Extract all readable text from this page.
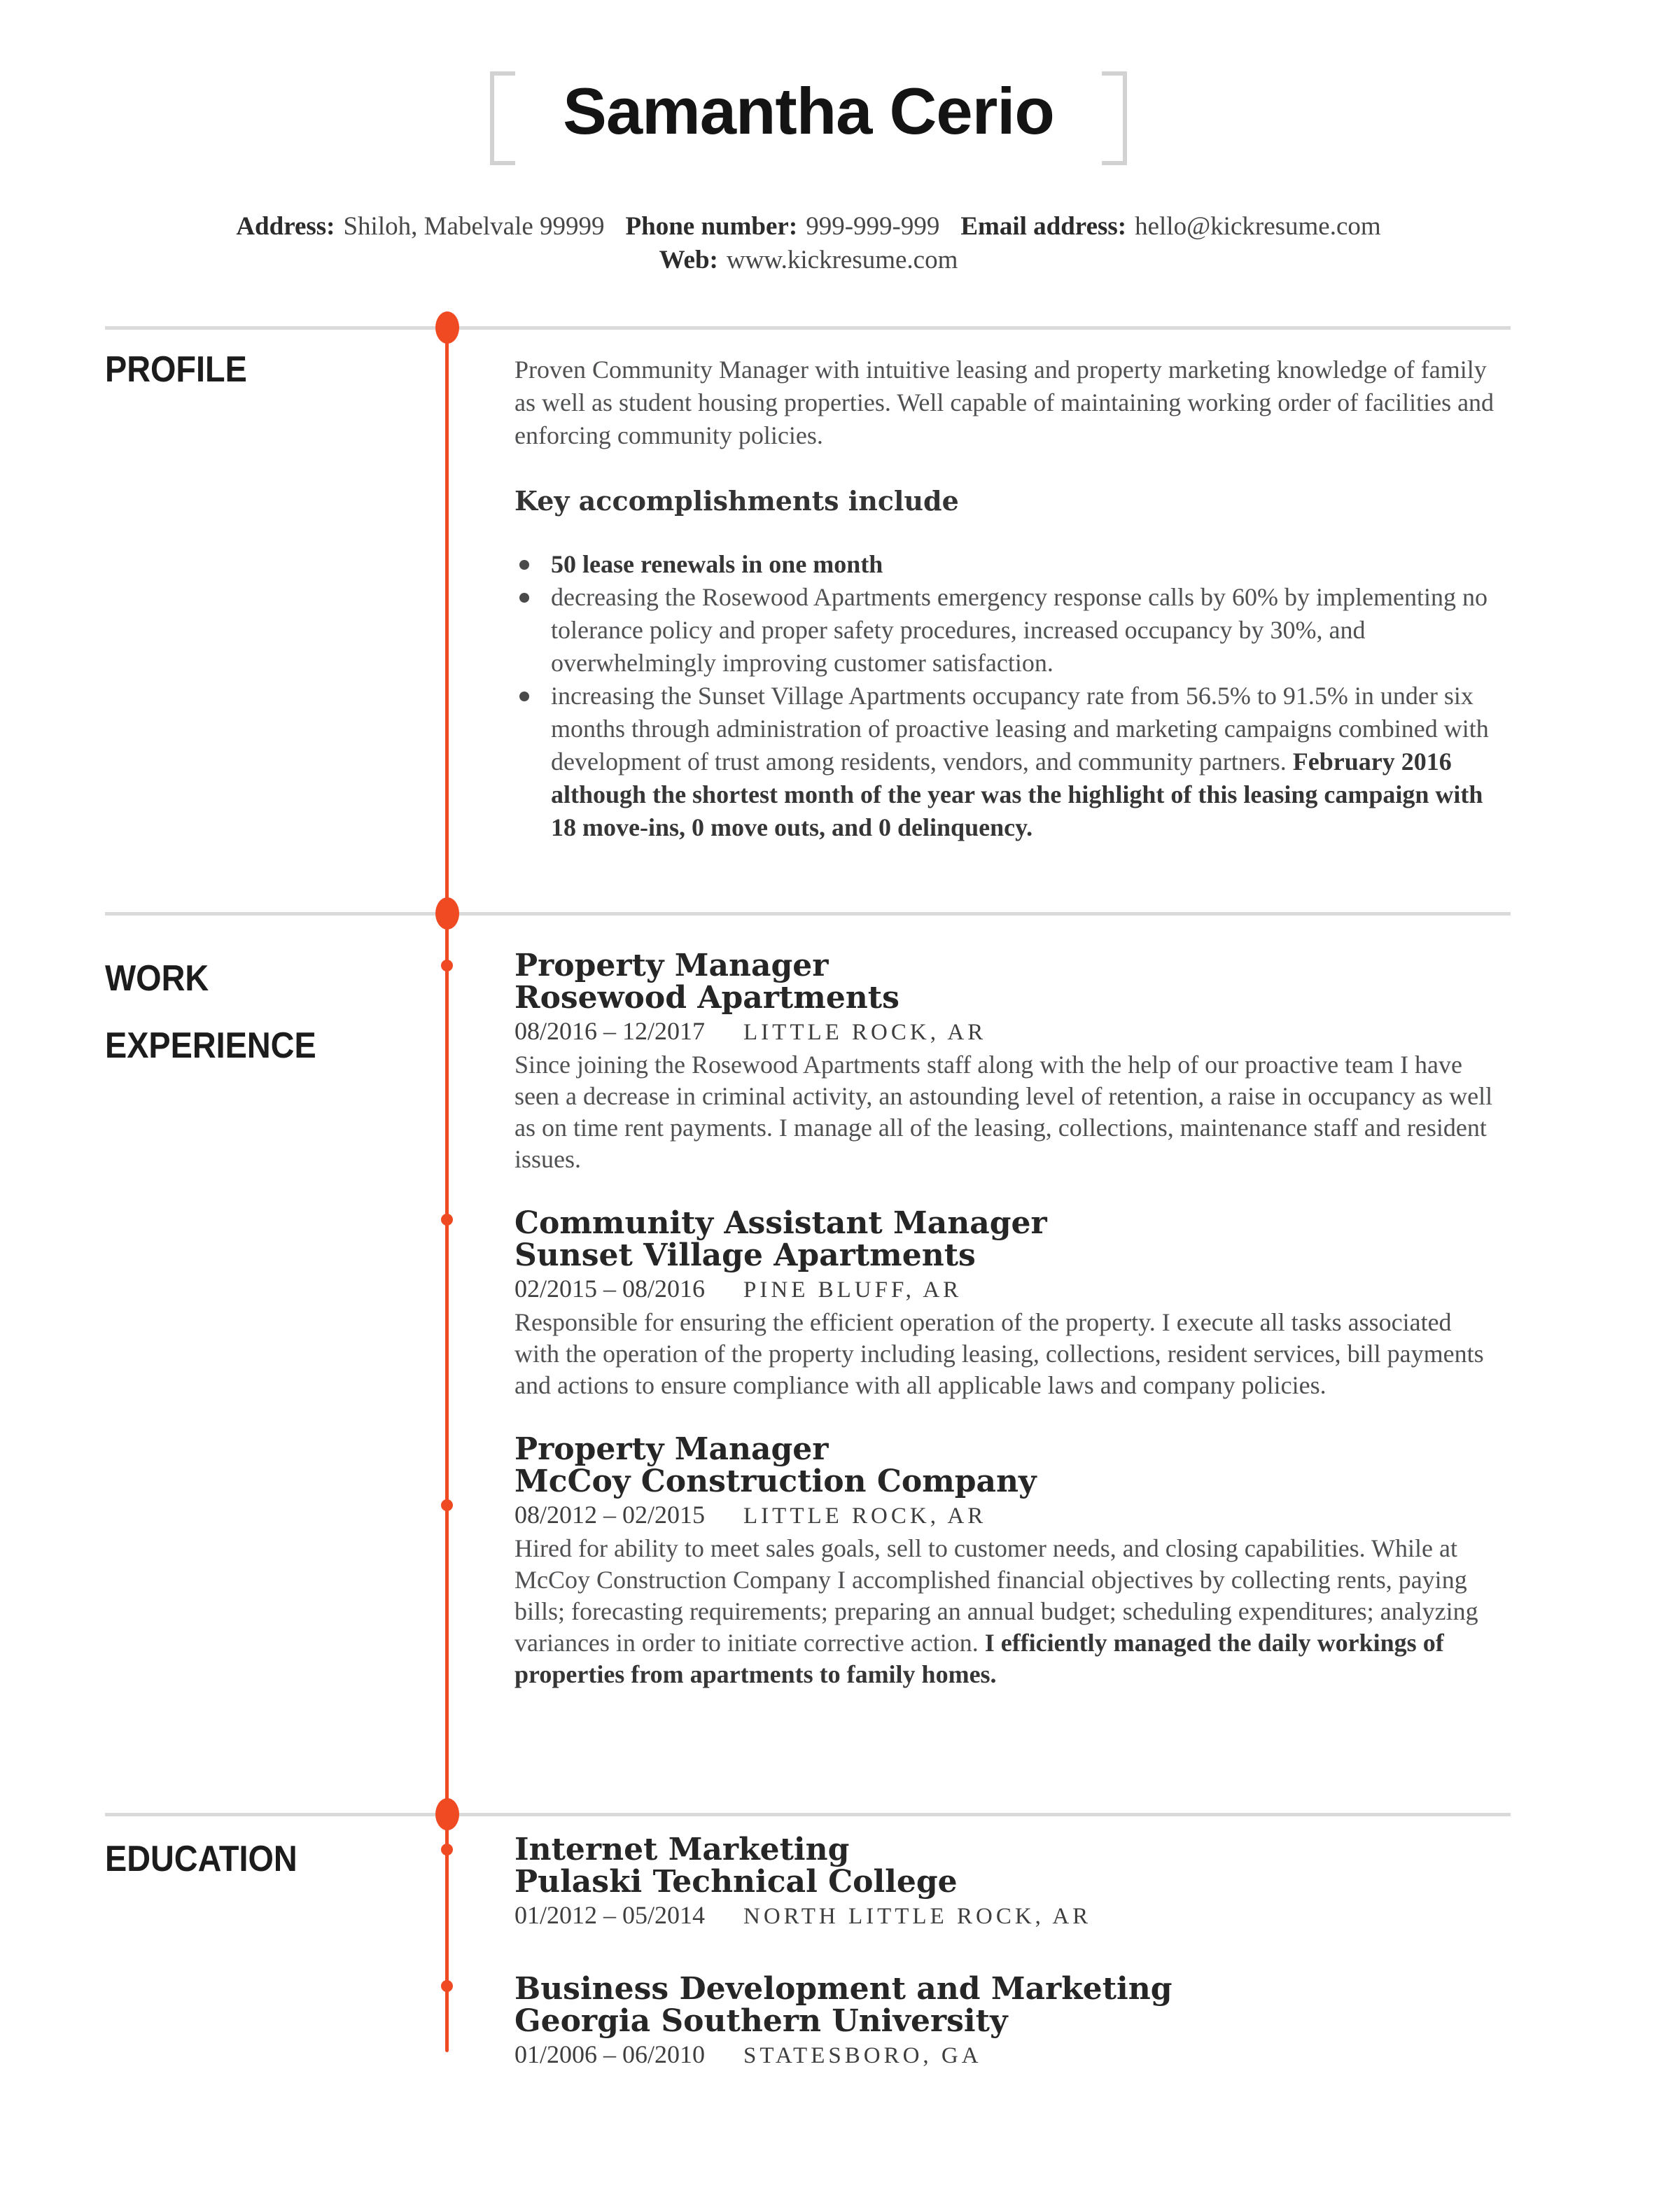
Samantha Cerio
Address: Shiloh, Mabelvale 99999 Phone number: 999-999-999 Email address: hello@kickresume.com
Web: www.kickresume.com
PROFILE
WORK EXPERIENCE
EDUCATION
Proven Community Manager with intuitive leasing and property marketing knowledge of family as well as student housing properties. Well capable of maintaining working order of facilities and enforcing community policies.
Key accomplishments include
50 lease renewals in one month
decreasing the Rosewood Apartments emergency response calls by 60% by implementing no tolerance policy and proper safety procedures, increased occupancy by 30%, and overwhelmingly improving customer satisfaction.
increasing the Sunset Village Apartments occupancy rate from 56.5% to 91.5% in under six months through administration of proactive leasing and marketing campaigns combined with development of trust among residents, vendors, and community partners. February 2016 although the shortest month of the year was the highlight of this leasing campaign with 18 move-ins, 0 move outs, and 0 delinquency.
Property Manager
Rosewood Apartments
08/2016 – 12/2017 LITTLE ROCK, AR
Since joining the Rosewood Apartments staff along with the help of our proactive team I have seen a decrease in criminal activity, an astounding level of retention, a raise in occupancy as well as on time rent payments. I manage all of the leasing, collections, maintenance staff and resident issues.
Community Assistant Manager
Sunset Village Apartments
02/2015 – 08/2016 PINE BLUFF, AR
Responsible for ensuring the efficient operation of the property. I execute all tasks associated with the operation of the property including leasing, collections, resident services, bill payments and actions to ensure compliance with all applicable laws and company policies.
Property Manager
McCoy Construction Company
08/2012 – 02/2015 LITTLE ROCK, AR
Hired for ability to meet sales goals, sell to customer needs, and closing capabilities. While at McCoy Construction Company I accomplished financial objectives by collecting rents, paying bills; forecasting requirements; preparing an annual budget; scheduling expenditures; analyzing variances in order to initiate corrective action. I efficiently managed the daily workings of properties from apartments to family homes.
Internet Marketing
Pulaski Technical College
01/2012 – 05/2014 NORTH LITTLE ROCK, AR
Business Development and Marketing
Georgia Southern University
01/2006 – 06/2010 STATESBORO, GA
